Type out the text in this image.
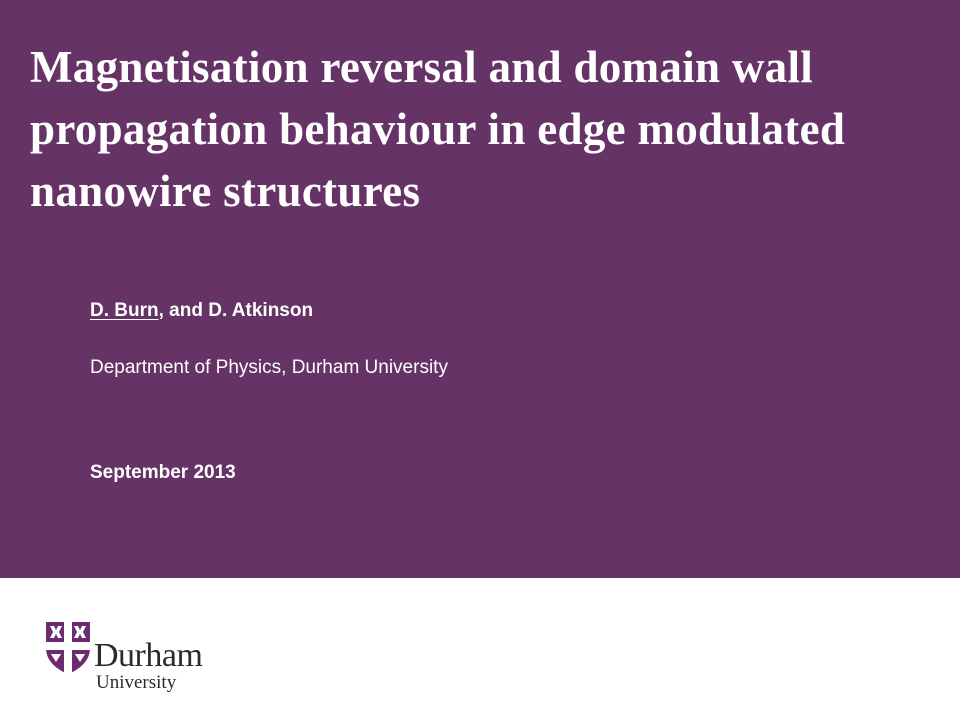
Magnetisation reversal and domain wall propagation behaviour in edge modulated nanowire structures
D. Burn, and D. Atkinson
Department of Physics, Durham University
September 2013
Durham
University
